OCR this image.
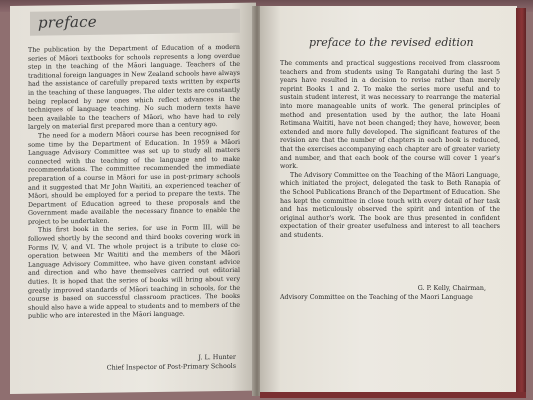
preface

The publication by the Department of Education of a modern series of Māori textbooks for schools represents a long overdue step in the teaching of the Māori language. Teachers of the traditional foreign languages in New Zealand schools have always had the assistance of carefully prepared texts written by experts in the teaching of these languages. The older texts are constantly being replaced by new ones which reflect advances in the techniques of language teaching. No such modern texts have been available to the teachers of Māori, who have had to rely largely on material first prepared more than a century ago.

The need for a modern Māori course has been recognised for some time by the Department of Education. In 1959 a Māori Language Advisory Committee was set up to study all matters connected with the teaching of the language and to make recommendations. The committee recommended the immediate preparation of a course in Māori for use in post-primary schools and it suggested that Mr John Waititi, an experienced teacher of Māori, should be employed for a period to prepare the texts. The Department of Education agreed to these proposals and the Government made available the necessary finance to enable the project to be undertaken.

This first book in the series, for use in Form III, will be followed shortly by the second and third books covering work in Forms IV, V, and VI. The whole project is a tribute to close co-operation between Mr Waititi and the members of the Māori Language Advisory Committee, who have given constant advice and direction and who have themselves carried out editorial duties. It is hoped that the series of books will bring about very greatly improved standards of Māori teaching in schools, for the course is based on successful classroom practices. The books should also have a wide appeal to students and to members of the public who are interested in the Māori language.

J. L. Hunter
Chief Inspector of Post-Primary Schools
preface to the revised edition

The comments and practical suggestions received from classroom teachers and from students using Te Rangatahi during the last 5 years have resulted in a decision to revise rather than merely reprint Books 1 and 2. To make the series more useful and to sustain student interest, it was necessary to rearrange the material into more manageable units of work. The general principles of method and presentation used by the author, the late Hoani Retimana Waititi, have not been changed; they have, however, been extended and more fully developed. The significant features of the revision are that the number of chapters in each book is reduced, that the exercises accompanying each chapter are of greater variety and number, and that each book of the course will cover 1 year's work.

The Advisory Committee on the Teaching of the Māori Language, which initiated the project, delegated the task to Beth Ranapia of the School Publications Branch of the Department of Education. She has kept the committee in close touch with every detail of her task and has meticulously observed the spirit and intention of the original author's work. The book are thus presented in confident expectation of their greater usefulness and interest to all teachers and students.

G. P. Kelly, Chairman,
Advisory Committee on the Teaching of the Maori Language
